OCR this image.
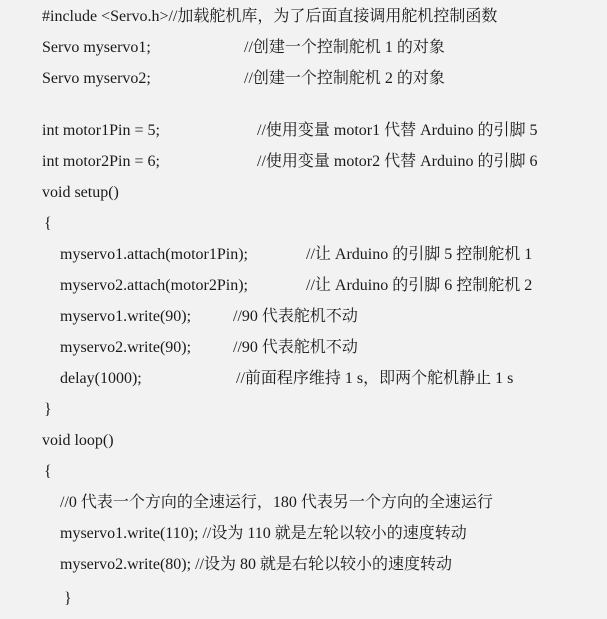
#include <Servo.h>//加载舵机库，为了后面直接调用舵机控制函数
Servo myservo1;	//创建一个控制舵机 1 的对象
Servo myservo2;	//创建一个控制舵机 2 的对象
int motor1Pin = 5;	//使用变量 motor1 代替 Arduino 的引脚 5
int motor2Pin = 6;	//使用变量 motor2 代替 Arduino 的引脚 6
void setup()
{
myservo1.attach(motor1Pin);	//让 Arduino 的引脚 5 控制舵机 1
myservo2.attach(motor2Pin);	//让 Arduino 的引脚 6 控制舵机 2
myservo1.write(90);	//90 代表舵机不动
myservo2.write(90);	//90 代表舵机不动
delay(1000);	//前面程序维持 1 s，即两个舵机静止 1 s
}
void loop()
{
//0 代表一个方向的全速运行，180 代表另一个方向的全速运行
myservo1.write(110); //设为 110 就是左轮以较小的速度转动
myservo2.write(80); //设为 80 就是右轮以较小的速度转动
}
